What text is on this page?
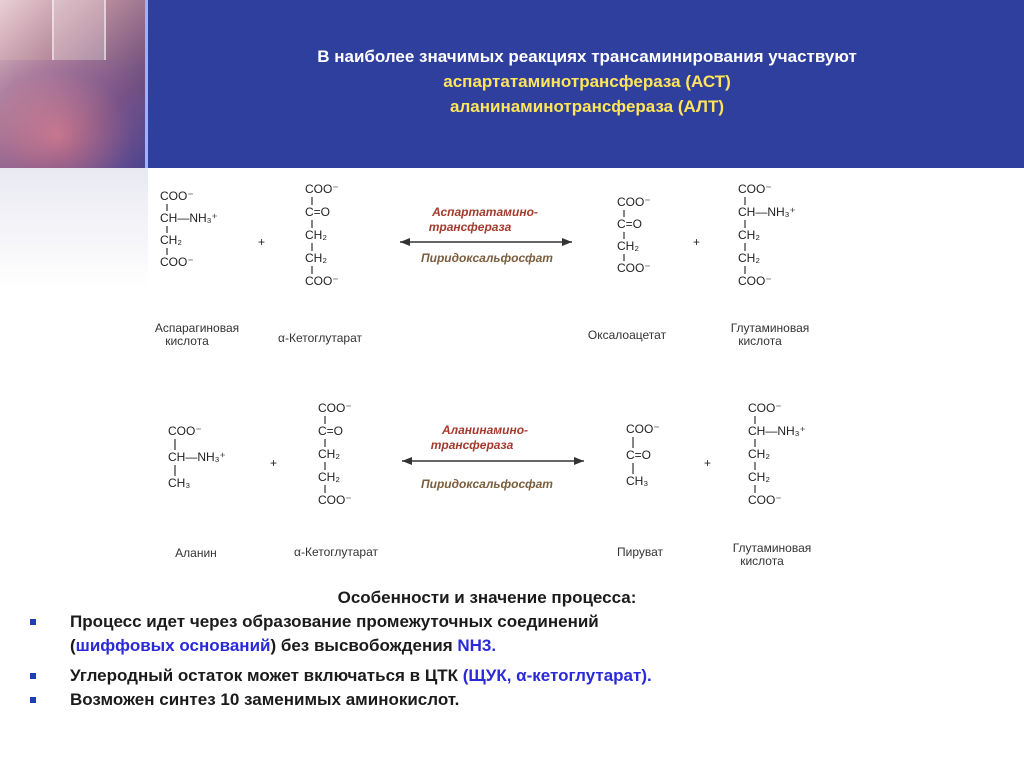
В наиболее значимых реакциях трансаминирования участвуют
аспартатаминотрансфераза (АСТ)
аланинаминотрансфераза (АЛТ)
COO⁻
CH—NH₃⁺
CH₂
COO⁻
Аспарагиновая
кислота
COO⁻
C=O
CH₂
CH₂
COO⁻
α-Кетоглутарат
COO⁻
C=O
CH₂
COO⁻
Оксалоацетат
COO⁻
CH—NH₃⁺
CH₂
CH₂
COO⁻
Глутаминовая
кислота
COO⁻
CH—NH₃⁺
CH₃
Аланин
COO⁻
C=O
CH₂
CH₂
COO⁻
α-Кетоглутарат
COO⁻
C=O
CH₃
Пируват
COO⁻
CH—NH₃⁺
CH₂
CH₂
COO⁻
Глутаминовая
кислота
Аспартатамино-
трансфераза
Пиридоксальфосфат
+	+
Аланинамино-
трансфераза
Пиридоксальфосфат
+	+
Особенности и значение процесса:
Процесс идет через образование промежуточных соединений
(шиффовых оснований) без высвобождения NH3.
Углеродный остаток может включаться в ЦТК (ЩУК, α-кетоглутарат).
Возможен синтез 10 заменимых аминокислот.
